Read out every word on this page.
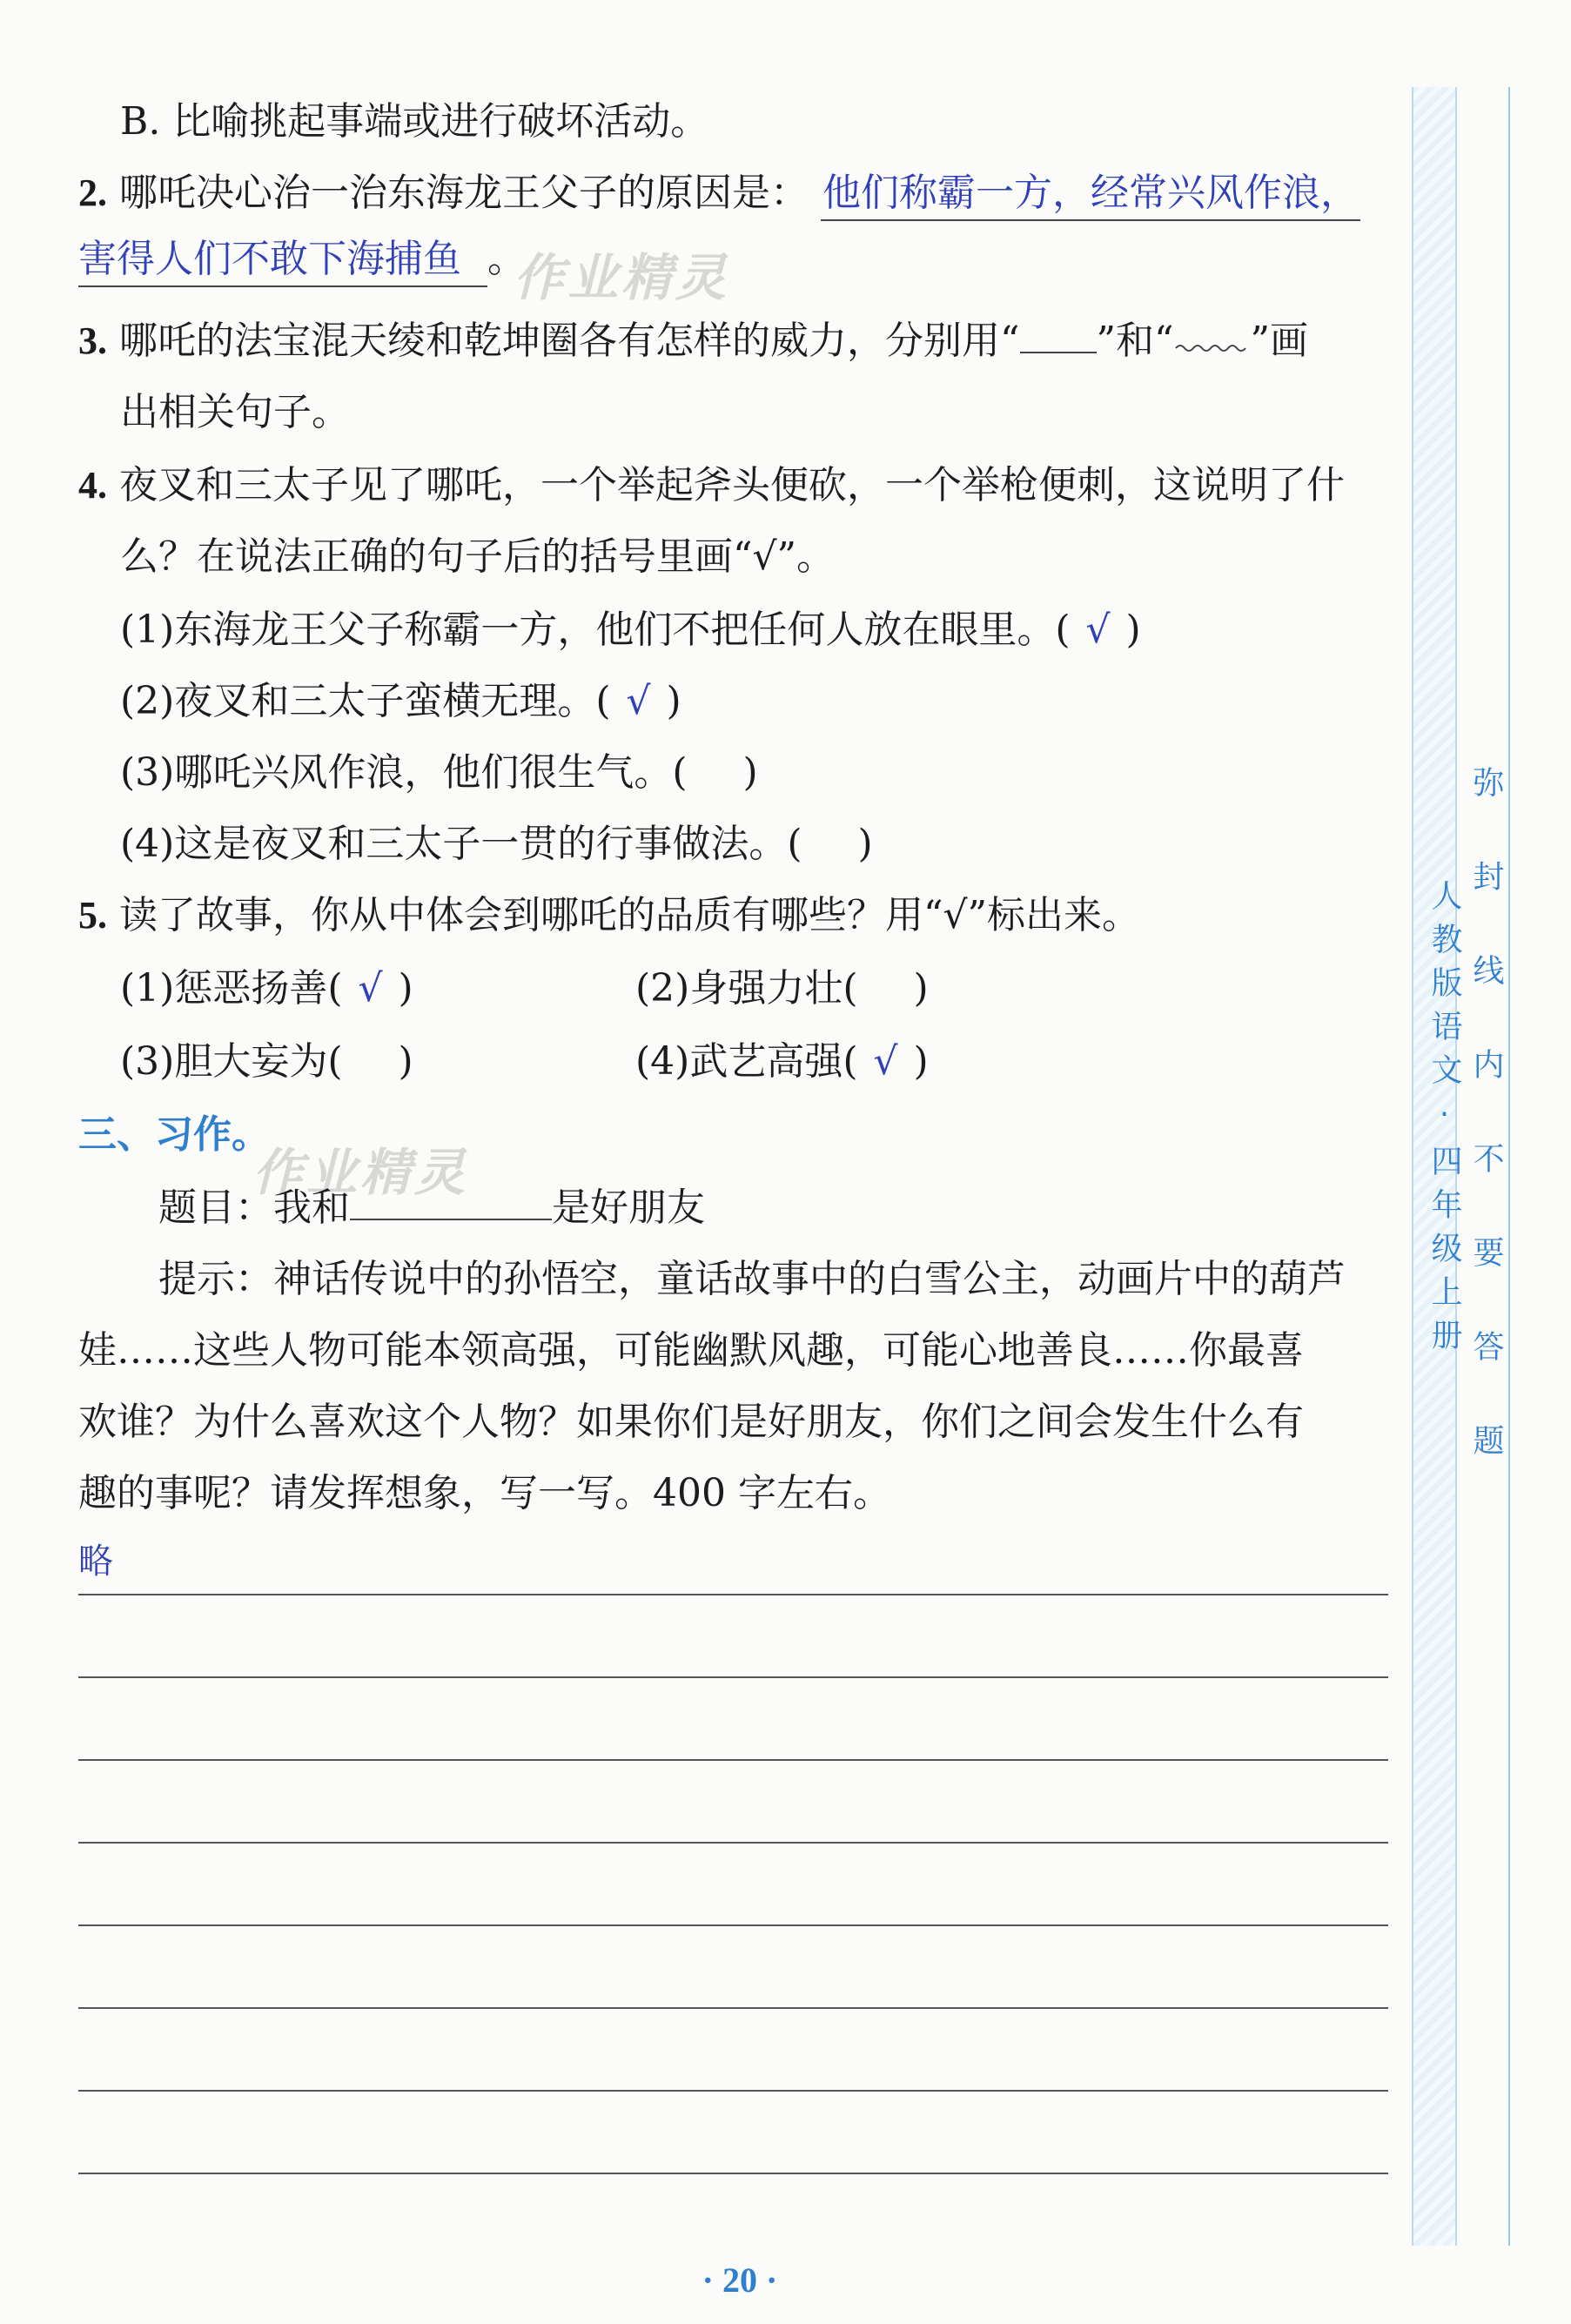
B. 比喻挑起事端或进行破坏活动。
2. 哪吒决心治一治东海龙王父子的原因是： 他们称霸一方，经常兴风作浪，
害得人们不敢下海捕鱼 。
作业精灵
3. 哪吒的法宝混天绫和乾坤圈各有怎样的威力，分别用“ ”和“ ”画
出相关句子。
4. 夜叉和三太子见了哪吒，一个举起斧头便砍，一个举枪便刺，这说明了什
么？在说法正确的句子后的括号里画“√”。
(1)东海龙王父子称霸一方，他们不把任何人放在眼里。( √ )
(2)夜叉和三太子蛮横无理。( √ )
(3)哪吒兴风作浪，他们很生气。( )
(4)这是夜叉和三太子一贯的行事做法。( )
5. 读了故事，你从中体会到哪吒的品质有哪些？用“√”标出来。
(1)惩恶扬善( √ )	(2)身强力壮( )
(3)胆大妄为( )	(4)武艺高强( √ )
三、习作。
作业精灵
题目：我和	是好朋友
提示：神话传说中的孙悟空，童话故事中的白雪公主，动画片中的葫芦
娃……这些人物可能本领高强，可能幽默风趣，可能心地善良……你最喜
欢谁？为什么喜欢这个人物？如果你们是好朋友，你们之间会发生什么有
趣的事呢？请发挥想象，写一写。400 字左右。
略
弥封线内不要答题
人教版语文·四年级上册
· 20 ·
